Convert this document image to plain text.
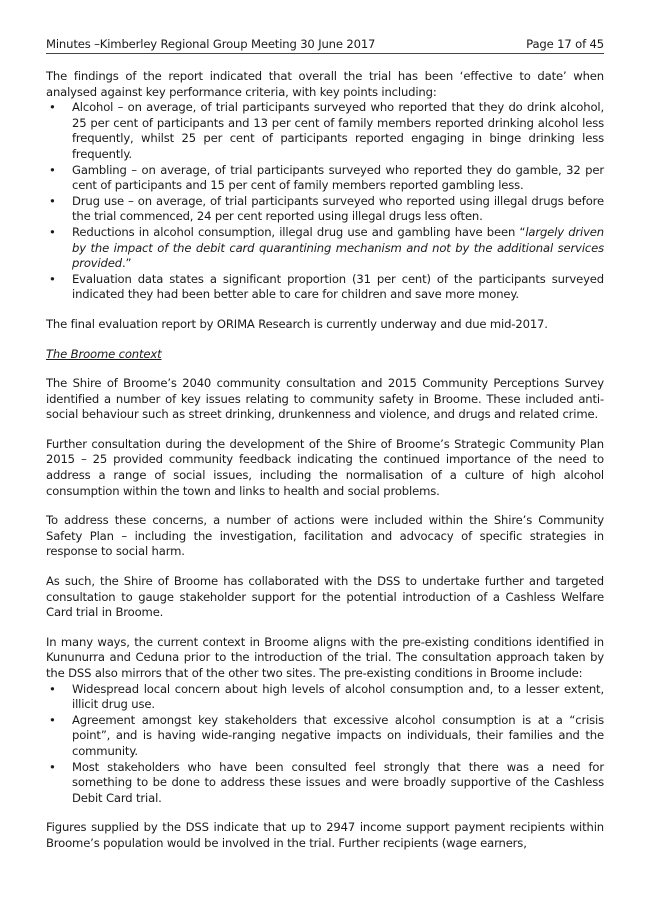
Minutes –Kimberley Regional Group Meeting 30 June 2017	Page 17 of 45

The findings of the report indicated that overall the trial has been ‘effective to date’ when analysed against key performance criteria, with key points including:

• Alcohol – on average, of trial participants surveyed who reported that they do drink alcohol, 25 per cent of participants and 13 per cent of family members reported drinking alcohol less frequently, whilst 25 per cent of participants reported engaging in binge drinking less frequently.
• Gambling – on average, of trial participants surveyed who reported they do gamble, 32 per cent of participants and 15 per cent of family members reported gambling less.
• Drug use – on average, of trial participants surveyed who reported using illegal drugs before the trial commenced, 24 per cent reported using illegal drugs less often.
• Reductions in alcohol consumption, illegal drug use and gambling have been “largely driven by the impact of the debit card quarantining mechanism and not by the additional services provided.”
• Evaluation data states a significant proportion (31 per cent) of the participants surveyed indicated they had been better able to care for children and save more money.

The final evaluation report by ORIMA Research is currently underway and due mid-2017.

The Broome context

The Shire of Broome’s 2040 community consultation and 2015 Community Perceptions Survey identified a number of key issues relating to community safety in Broome. These included anti-social behaviour such as street drinking, drunkenness and violence, and drugs and related crime.

Further consultation during the development of the Shire of Broome’s Strategic Community Plan 2015 – 25 provided community feedback indicating the continued importance of the need to address a range of social issues, including the normalisation of a culture of high alcohol consumption within the town and links to health and social problems.

To address these concerns, a number of actions were included within the Shire’s Community Safety Plan – including the investigation, facilitation and advocacy of specific strategies in response to social harm.

As such, the Shire of Broome has collaborated with the DSS to undertake further and targeted consultation to gauge stakeholder support for the potential introduction of a Cashless Welfare Card trial in Broome.

In many ways, the current context in Broome aligns with the pre-existing conditions identified in Kununurra and Ceduna prior to the introduction of the trial. The consultation approach taken by the DSS also mirrors that of the other two sites. The pre-existing conditions in Broome include:

• Widespread local concern about high levels of alcohol consumption and, to a lesser extent, illicit drug use.
• Agreement amongst key stakeholders that excessive alcohol consumption is at a “crisis point”, and is having wide-ranging negative impacts on individuals, their families and the community.
• Most stakeholders who have been consulted feel strongly that there was a need for something to be done to address these issues and were broadly supportive of the Cashless Debit Card trial.

Figures supplied by the DSS indicate that up to 2947 income support payment recipients within Broome’s population would be involved in the trial. Further recipients (wage earners,
